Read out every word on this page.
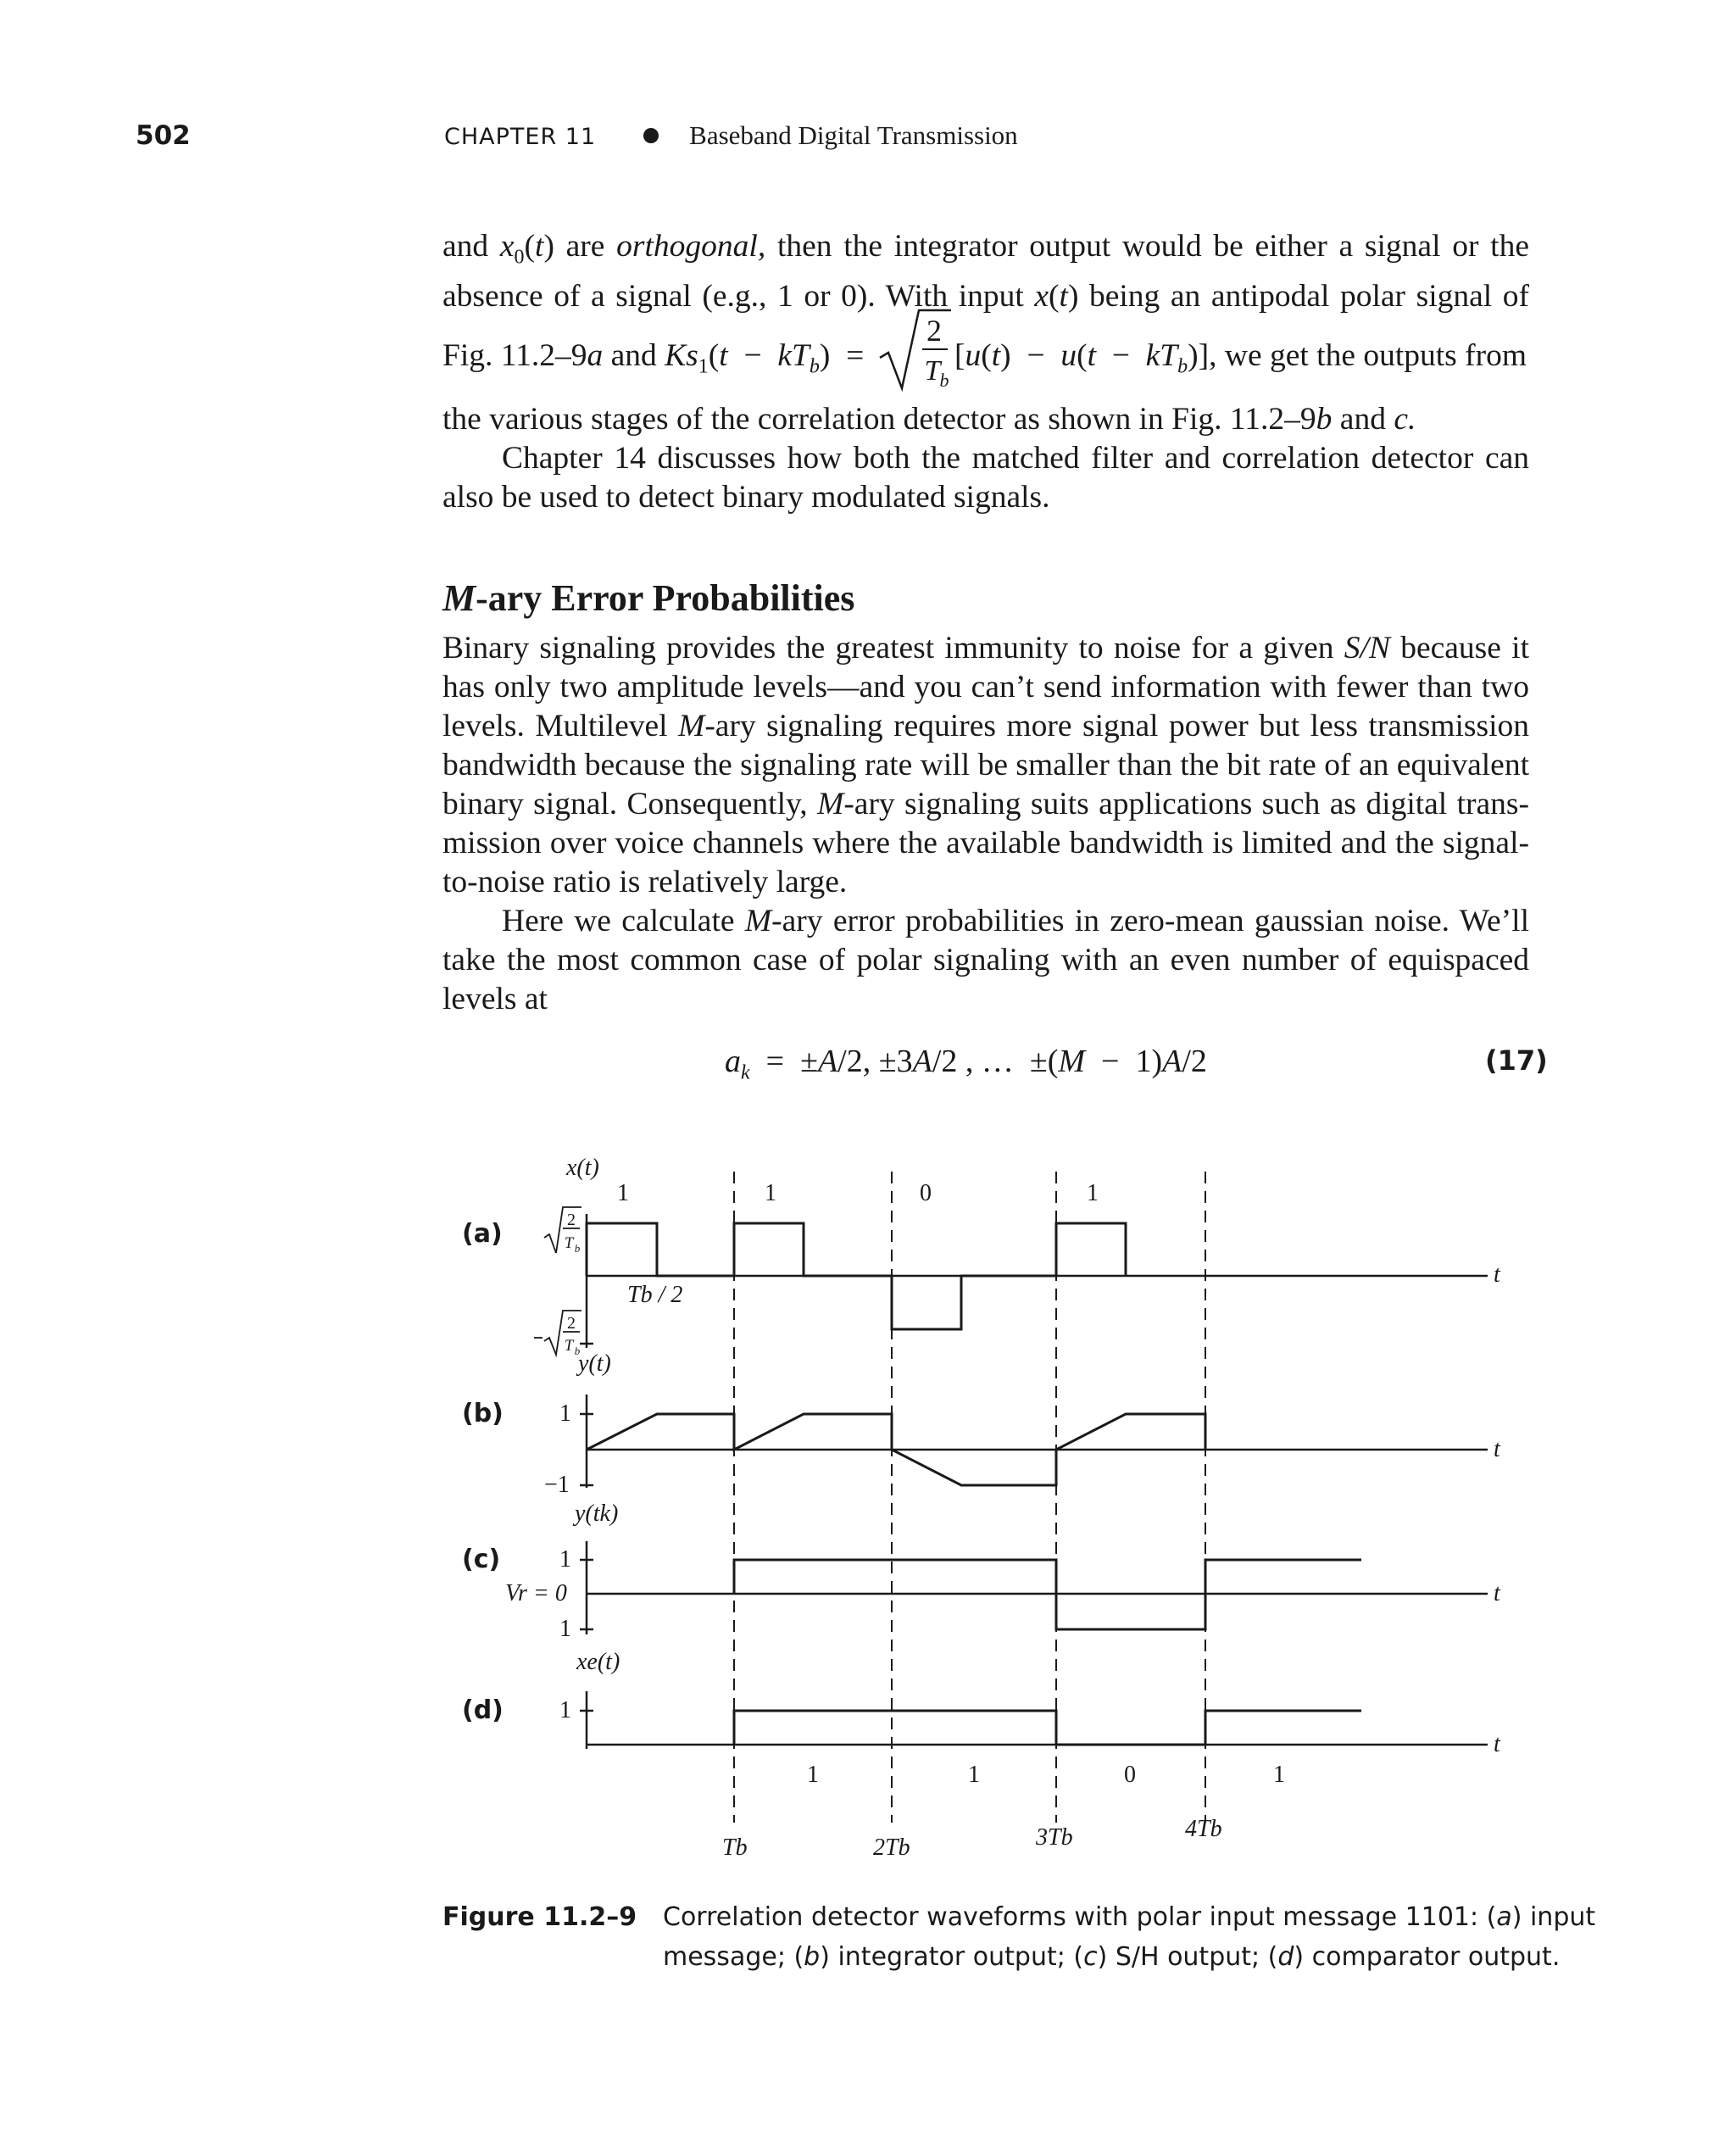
502	CHAPTER 11	Baseband Digital Transmission
and $x_0(t)$ are orthogonal, then the integrator output would be either a signal or the
absence of a signal (e.g., 1 or 0). With input x(t) being an antipodal polar signal of
Fig. 11.2–9a and $Ks_1(t - kT_b)$  =
2
T b
$[u(t) - u(t - kT_b)]$, we get the outputs from
the various stages of the correlation detector as shown in Fig. 11.2–9b and c.
Chapter 14 discusses how both the matched filter and correlation detector can
also be used to detect binary modulated signals.
M-ary Error Probabilities
Binary signaling provides the greatest immunity to noise for a given S/N because it
has only two amplitude levels—and you can’t send information with fewer than two
levels. Multilevel M-ary signaling requires more signal power but less transmission
bandwidth because the signaling rate will be smaller than the bit rate of an equivalent
binary signal. Consequently, M-ary signaling suits applications such as digital trans-
mission over voice channels where the available bandwidth is limited and the signal-
to-noise ratio is relatively large.
Here we calculate M-ary error probabilities in zero-mean gaussian noise. We’ll
take the most common case of polar signaling with an even number of equispaced
levels at
$a_k = \pm A/2$, ±3A/2 , …  ±(M  −  1)A/2	(17)
2
T b
2
T b
(a)
(b)
(c)
(d)
x(t)
y(t)
y(tk)
xe(t)
1	1	0	1
Tb / 2
t
t
t
t
1
−1
1
Vr = 0
1
1
1	1	0	1
Tb	2Tb	3Tb	4Tb
Figure 11.2–9 Correlation detector waveforms with polar input message 1101: (a) input
message; (b) integrator output; (c) S/H output; (d) comparator output.
